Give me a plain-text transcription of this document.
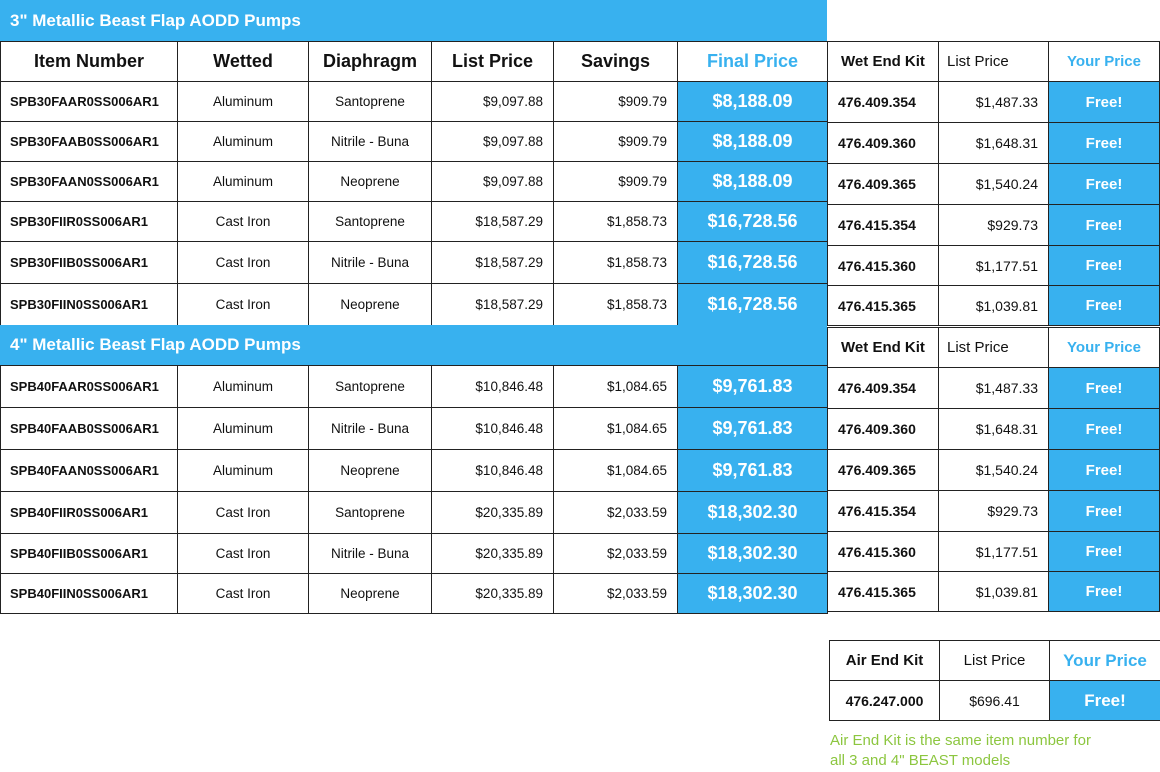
3" Metallic Beast Flap AODD Pumps
Item Number	Wetted	Diaphragm	List Price	Savings	Final Price
SPB30FAAR0SS006AR1	Aluminum	Santoprene	$9,097.88	$909.79	$8,188.09
SPB30FAAB0SS006AR1	Aluminum	Nitrile - Buna	$9,097.88	$909.79	$8,188.09
SPB30FAAN0SS006AR1	Aluminum	Neoprene	$9,097.88	$909.79	$8,188.09
SPB30FIIR0SS006AR1	Cast Iron	Santoprene	$18,587.29	$1,858.73	$16,728.56
SPB30FIIB0SS006AR1	Cast Iron	Nitrile - Buna	$18,587.29	$1,858.73	$16,728.56
SPB30FIIN0SS006AR1	Cast Iron	Neoprene	$18,587.29	$1,858.73	$16,728.56
Wet End Kit	List Price	Your Price
476.409.354	$1,487.33	Free!
476.409.360	$1,648.31	Free!
476.409.365	$1,540.24	Free!
476.415.354	$929.73	Free!
476.415.360	$1,177.51	Free!
476.415.365	$1,039.81	Free!
4" Metallic Beast Flap AODD Pumps
SPB40FAAR0SS006AR1	Aluminum	Santoprene	$10,846.48	$1,084.65	$9,761.83
SPB40FAAB0SS006AR1	Aluminum	Nitrile - Buna	$10,846.48	$1,084.65	$9,761.83
SPB40FAAN0SS006AR1	Aluminum	Neoprene	$10,846.48	$1,084.65	$9,761.83
SPB40FIIR0SS006AR1	Cast Iron	Santoprene	$20,335.89	$2,033.59	$18,302.30
SPB40FIIB0SS006AR1	Cast Iron	Nitrile - Buna	$20,335.89	$2,033.59	$18,302.30
SPB40FIIN0SS006AR1	Cast Iron	Neoprene	$20,335.89	$2,033.59	$18,302.30
Wet End Kit	List Price	Your Price
476.409.354	$1,487.33	Free!
476.409.360	$1,648.31	Free!
476.409.365	$1,540.24	Free!
476.415.354	$929.73	Free!
476.415.360	$1,177.51	Free!
476.415.365	$1,039.81	Free!
Air End Kit	List Price	Your Price
476.247.000	$696.41	Free!
Air End Kit is the same item number for
all 3 and 4" BEAST models
